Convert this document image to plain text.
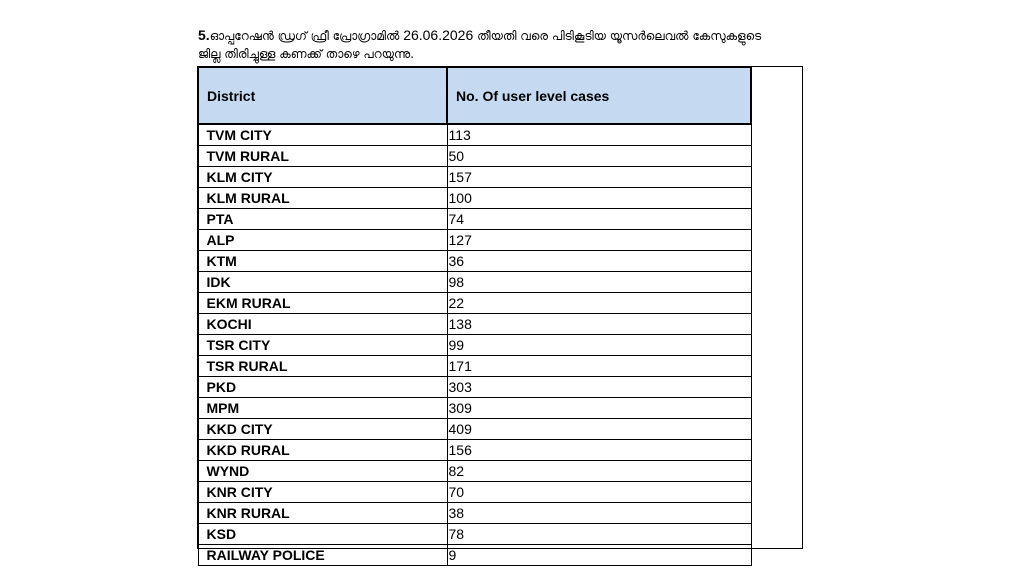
5.ഓപ്പറേഷൻ ഡ്രഗ് ഫ്രീ പ്രോഗ്രാമിൽ 26.06.2026 തീയതി വരെ പിടികൂടിയ യൂസർലെവൽ കേസുകളുടെ
ജില്ല തിരിച്ചുള്ള കണക്ക് താഴെ പറയുന്നു.
District	No. Of user level cases
TVM CITY	113
TVM RURAL	50
KLM CITY	157
KLM RURAL	100
PTA	74
ALP	127
KTM	36
IDK	98
EKM RURAL	22
KOCHI	138
TSR CITY	99
TSR RURAL	171
PKD	303
MPM	309
KKD CITY	409
KKD RURAL	156
WYND	82
KNR CITY	70
KNR RURAL	38
KSD	78
RAILWAY POLICE	9
